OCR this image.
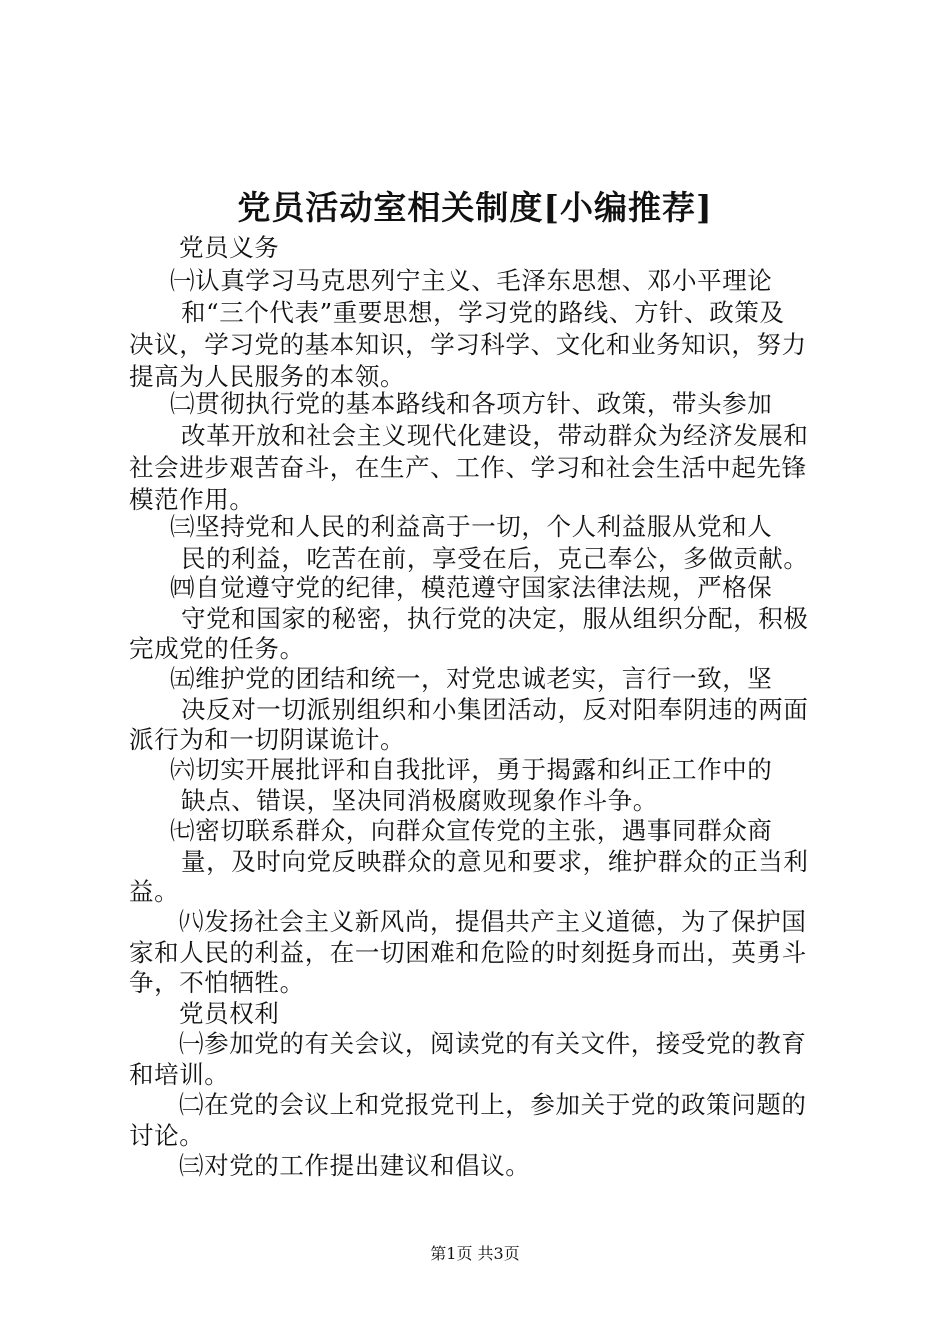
党员活动室相关制度[小编推荐]
党员义务
㈠认真学习马克思列宁主义、毛泽东思想、邓小平理论
和“三个代表”重要思想，学习党的路线、方针、政策及
决议，学习党的基本知识，学习科学、文化和业务知识，努力
提高为人民服务的本领。
㈡贯彻执行党的基本路线和各项方针、政策，带头参加
改革开放和社会主义现代化建设，带动群众为经济发展和
社会进步艰苦奋斗，在生产、工作、学习和社会生活中起先锋
模范作用。
㈢坚持党和人民的利益高于一切，个人利益服从党和人
民的利益，吃苦在前，享受在后，克己奉公，多做贡献。
㈣自觉遵守党的纪律，模范遵守国家法律法规，严格保
守党和国家的秘密，执行党的决定，服从组织分配，积极
完成党的任务。
㈤维护党的团结和统一，对党忠诚老实，言行一致，坚
决反对一切派别组织和小集团活动，反对阳奉阴违的两面
派行为和一切阴谋诡计。
㈥切实开展批评和自我批评，勇于揭露和纠正工作中的
缺点、错误，坚决同消极腐败现象作斗争。
㈦密切联系群众，向群众宣传党的主张，遇事同群众商
量，及时向党反映群众的意见和要求，维护群众的正当利
益。
㈧发扬社会主义新风尚，提倡共产主义道德，为了保护国
家和人民的利益，在一切困难和危险的时刻挺身而出，英勇斗
争，不怕牺牲。
党员权利
㈠参加党的有关会议，阅读党的有关文件，接受党的教育
和培训。
㈡在党的会议上和党报党刊上，参加关于党的政策问题的
讨论。
㈢对党的工作提出建议和倡议。
第1页 共3页
